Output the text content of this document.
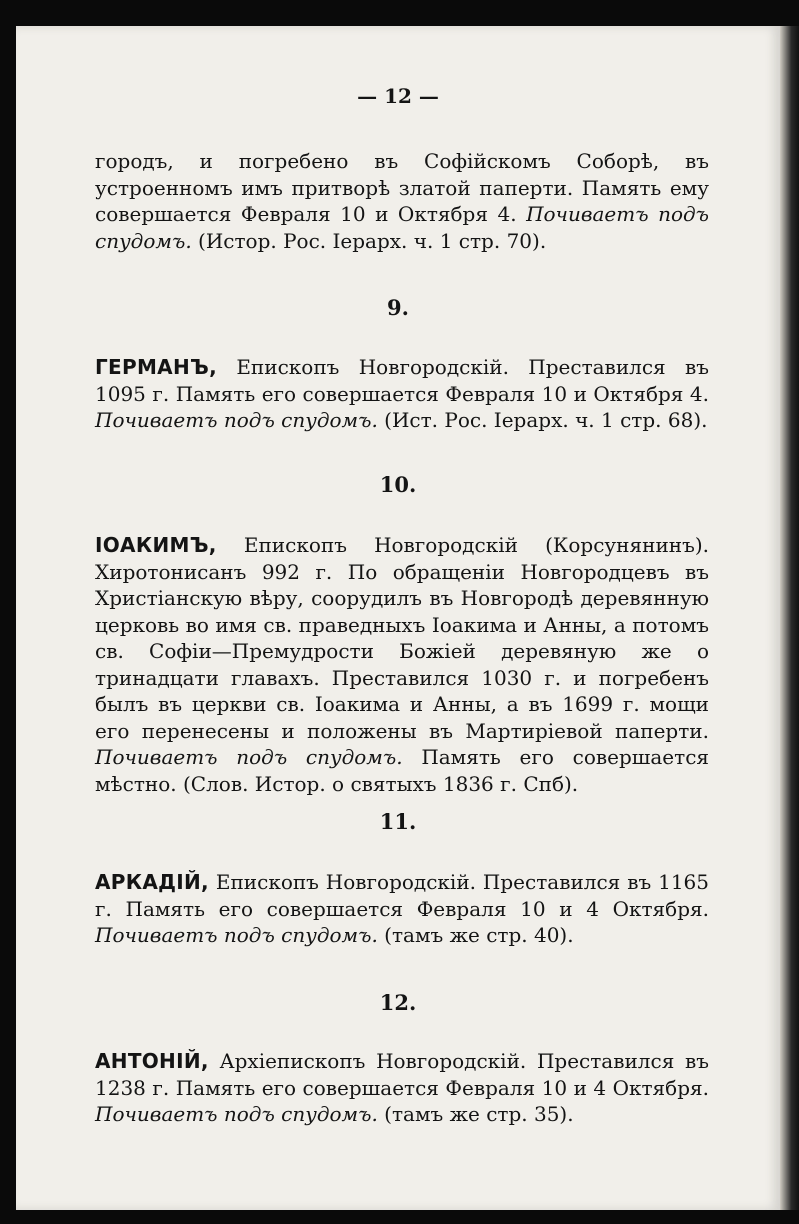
— 12 —
городъ, и погребено въ Софійскомъ Соборѣ, въ устроенномъ имъ притворѣ златой паперти. Память ему совершается Февраля 10 и Октября 4. Почиваетъ подъ спудомъ. (Истор. Рос. Іерарх. ч. 1 стр. 70).
9.
ГЕРМАНЪ, Епископъ Новгородскій. Преставился въ 1095 г. Память его совершается Февраля 10 и Октября 4. Почиваетъ подъ спудомъ. (Ист. Рос. Іерарх. ч. 1 стр. 68).
10.
ІОАКИМЪ, Епископъ Новгородскій (Корсунянинъ). Хиротонисанъ 992 г. По обращеніи Новгородцевъ въ Христіанскую вѣру, соорудилъ въ Новгородѣ деревянную церковь во имя св. праведныхъ Іоакима и Анны, а потомъ св. Софіи—Премудрости Божіей деревяную же о тринадцати главахъ. Преставился 1030 г. и погребенъ былъ въ церкви св. Іоакима и Анны, а въ 1699 г. мощи его перенесены и положены въ Мартиріевой паперти. Почиваетъ подъ спудомъ. Память его совершается мѣстно. (Слов. Истор. о святыхъ 1836 г. Спб).
11.
АРКАДІЙ, Епископъ Новгородскій. Преставился въ 1165 г. Память его совершается Февраля 10 и 4 Октября. Почиваетъ подъ спудомъ. (тамъ же стр. 40).
12.
АНТОНІЙ, Архіепископъ Новгородскій. Преставился въ 1238 г. Память его совершается Февраля 10 и 4 Октября. Почиваетъ подъ спудомъ. (тамъ же стр. 35).
